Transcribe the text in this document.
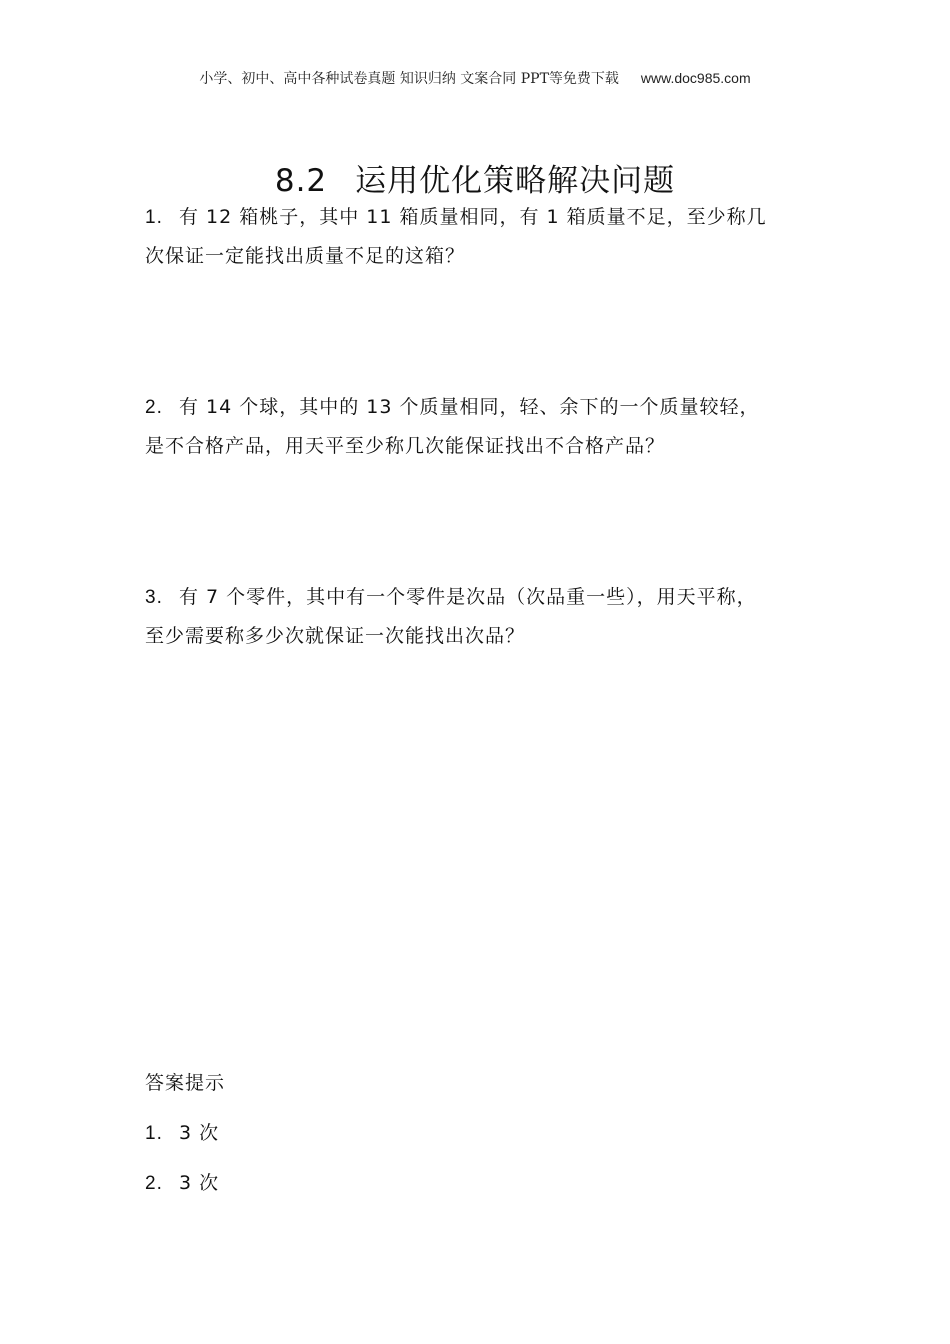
小学、初中、高中各种试卷真题 知识归纳 文案合同 PPT等免费下载 www.doc985.com
8.2 运用优化策略解决问题
1. 有 12 箱桃子，其中 11 箱质量相同，有 1 箱质量不足，至少称几
次保证一定能找出质量不足的这箱？
2. 有 14 个球，其中的 13 个质量相同，轻、余下的一个质量较轻，
是不合格产品，用天平至少称几次能保证找出不合格产品？
3. 有 7 个零件，其中有一个零件是次品（次品重一些），用天平称，
至少需要称多少次就保证一次能找出次品？
答案提示
1. 3 次
2. 3 次
